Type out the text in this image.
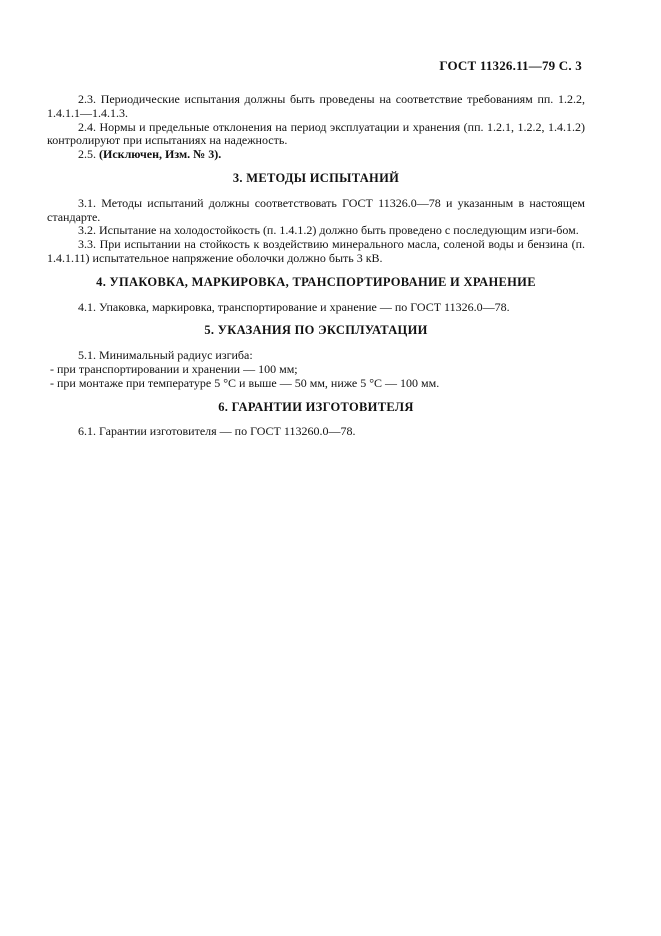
ГОСТ 11326.11—79 С. 3

2.3. Периодические испытания должны быть проведены на соответствие требованиям пп. 1.2.2, 1.4.1.1—1.4.1.3.

2.4. Нормы и предельные отклонения на период эксплуатации и хранения (пп. 1.2.1, 1.2.2, 1.4.1.2) контролируют при испытаниях на надежность.

2.5. (Исключен, Изм. № 3).

3. МЕТОДЫ ИСПЫТАНИЙ

3.1. Методы испытаний должны соответствовать ГОСТ 11326.0—78 и указанным в настоящем стандарте.

3.2. Испытание на холодостойкость (п. 1.4.1.2) должно быть проведено с последующим изги-бом.

3.3. При испытании на стойкость к воздействию минерального масла, соленой воды и бензина (п. 1.4.1.11) испытательное напряжение оболочки должно быть 3 кВ.

4. УПАКОВКА, МАРКИРОВКА, ТРАНСПОРТИРОВАНИЕ И ХРАНЕНИЕ

4.1. Упаковка, маркировка, транспортирование и хранение — по ГОСТ 11326.0—78.

5. УКАЗАНИЯ ПО ЭКСПЛУАТАЦИИ

5.1. Минимальный радиус изгиба:

- при транспортировании и хранении — 100 мм;

- при монтаже при температуре 5 °С и выше — 50 мм, ниже 5 °С — 100 мм.

6. ГАРАНТИИ ИЗГОТОВИТЕЛЯ

6.1. Гарантии изготовителя — по ГОСТ 113260.0—78.
